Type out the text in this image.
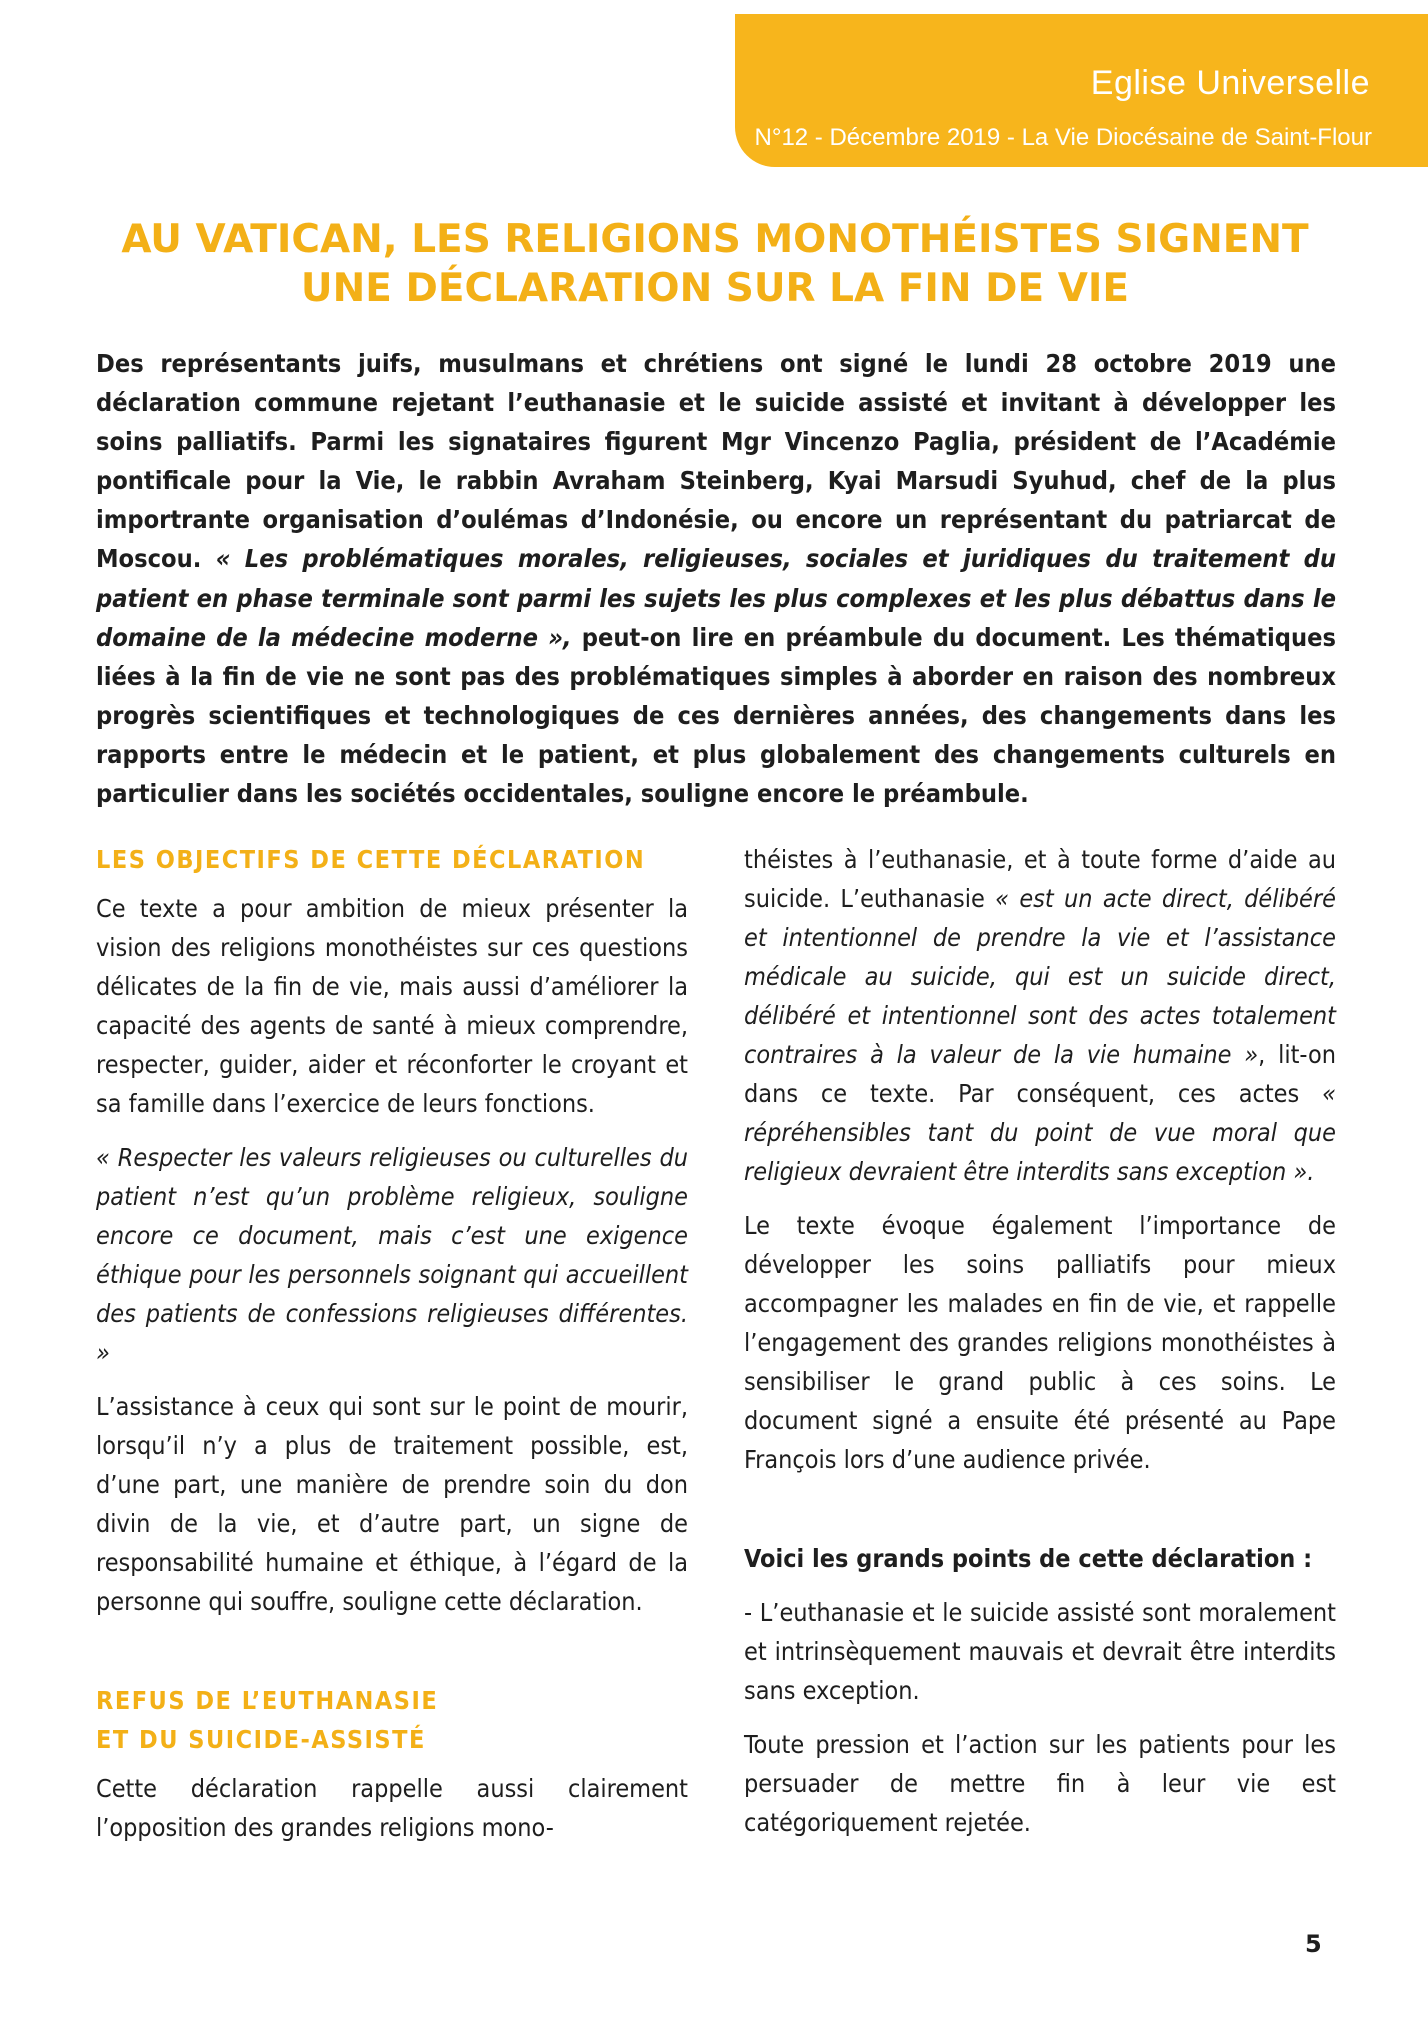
Eglise Universelle
N°12 - Décembre 2019 - La Vie Diocésaine de Saint-Flour
AU VATICAN, LES RELIGIONS MONOTHÉISTES SIGNENT
UNE DÉCLARATION SUR LA FIN DE VIE

Des représentants juifs, musulmans et chrétiens ont signé le lundi 28 octobre 2019 une déclaration commune rejetant l’euthanasie et le suicide assisté et invitant à développer les soins palliatifs. Parmi les signataires figurent Mgr Vincenzo Paglia, président de l’Académie pontificale pour la Vie, le rabbin Avraham Steinberg, Kyai Marsudi Syuhud, chef de la plus importrante organisation d’oulémas d’Indonésie, ou encore un représentant du patriarcat de Moscou. « Les problématiques morales, religieuses, sociales et juridiques du traitement du patient en phase terminale sont parmi les sujets les plus complexes et les plus débattus dans le domaine de la médecine moderne », peut-on lire en préambule du document. Les thématiques liées à la fin de vie ne sont pas des problématiques simples à aborder en raison des nombreux progrès scientifiques et technologiques de ces dernières années, des changements dans les rapports entre le médecin et le patient, et plus globalement des changements culturels en particulier dans les sociétés occidentales, souligne encore le préambule.

LES OBJECTIFS DE CETTE DÉCLARATION

Ce texte a pour ambition de mieux présenter la vision des religions monothéistes sur ces questions délicates de la fin de vie, mais aussi d’améliorer la capacité des agents de santé à mieux comprendre, respecter, guider, aider et réconforter le croyant et sa famille dans l’exercice de leurs fonctions.

« Respecter les valeurs religieuses ou culturelles du patient n’est qu’un problème religieux, souligne encore ce document, mais c’est une exigence éthique pour les personnels soignant qui accueillent des patients de confessions religieuses différentes. »

L’assistance à ceux qui sont sur le point de mourir, lorsqu’il n’y a plus de traitement possible, est, d’une part, une manière de prendre soin du don divin de la vie, et d’autre part, un signe de responsabilité humaine et éthique, à l’égard de la personne qui souffre, souligne cette déclaration.

REFUS DE L’EUTHANASIE
ET DU SUICIDE-ASSISTÉ

Cette déclaration rappelle aussi clairement l’opposition des grandes religions mono-

théistes à l’euthanasie, et à toute forme d’aide au suicide. L’euthanasie « est un acte direct, délibéré et intentionnel de prendre la vie et l’assistance médicale au suicide, qui est un suicide direct, délibéré et intentionnel sont des actes totalement contraires à la valeur de la vie humaine », lit-on dans ce texte. Par conséquent, ces actes « répréhensibles tant du point de vue moral que religieux devraient être interdits sans exception ».

Le texte évoque également l’importance de développer les soins palliatifs pour mieux accompagner les malades en fin de vie, et rappelle l’engagement des grandes religions monothéistes à sensibiliser le grand public à ces soins. Le document signé a ensuite été présenté au Pape François lors d’une audience privée.

Voici les grands points de cette déclaration :

- L’euthanasie et le suicide assisté sont moralement et intrinsèquement mauvais et devrait être interdits sans exception.

Toute pression et l’action sur les patients pour les persuader de mettre fin à leur vie est catégoriquement rejetée.

5
